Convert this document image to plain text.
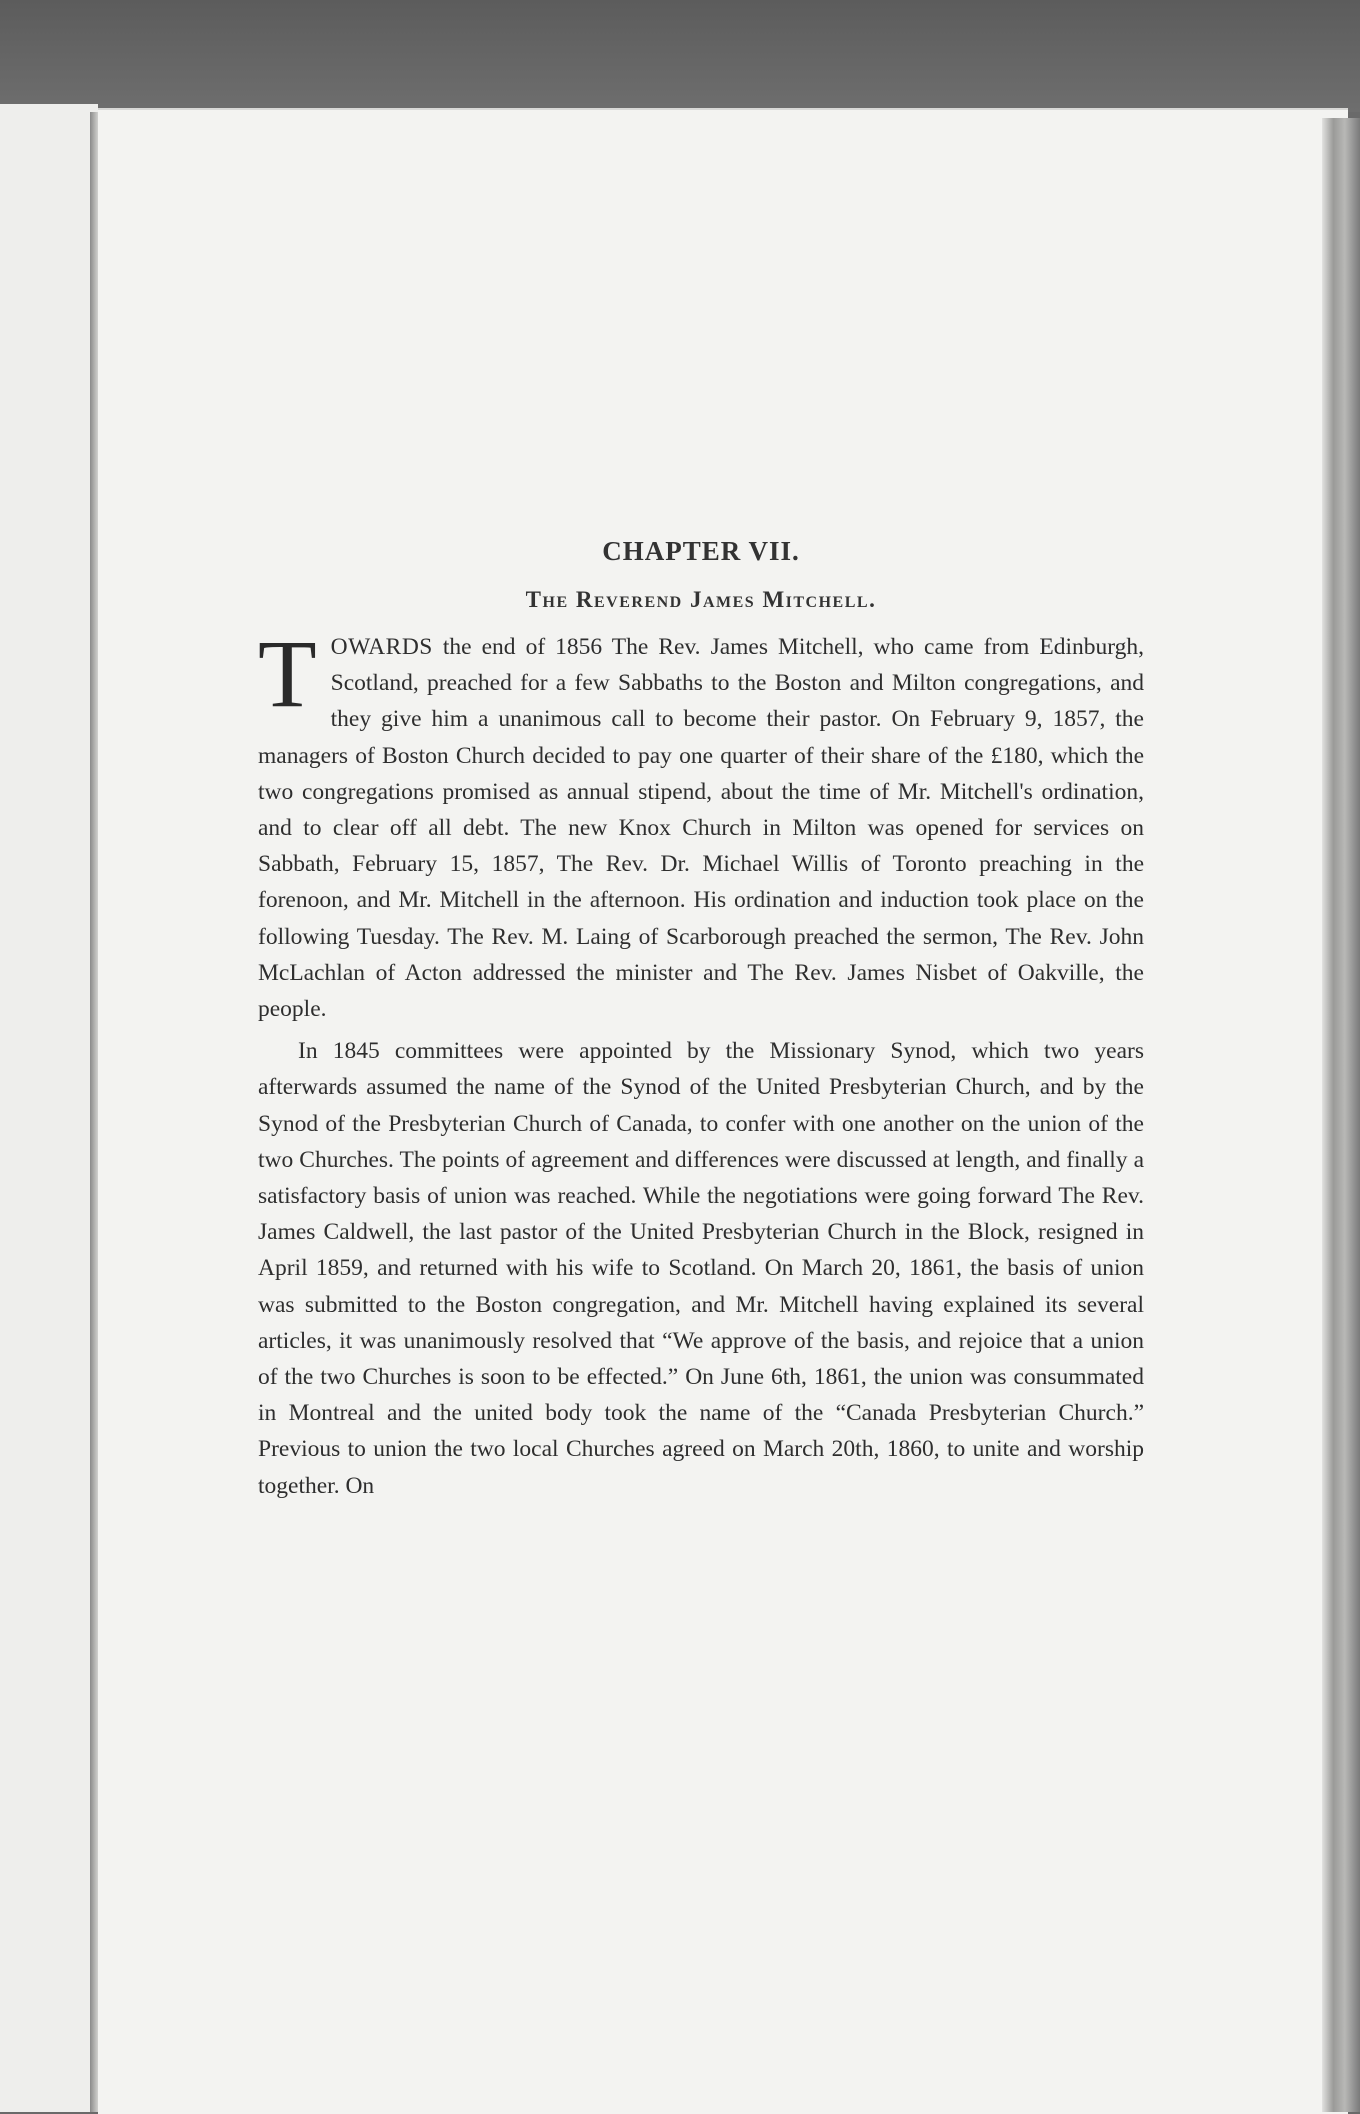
CHAPTER VII.
The Reverend James Mitchell.

TOWARDS the end of 1856 The Rev. James Mitchell, who came from Edinburgh, Scotland, preached for a few Sabbaths to the Boston and Milton congregations, and they give him a unanimous call to become their pastor. On February 9, 1857, the managers of Boston Church decided to pay one quarter of their share of the £180, which the two congregations promised as annual stipend, about the time of Mr. Mitchell's ordination, and to clear off all debt. The new Knox Church in Milton was opened for services on Sabbath, February 15, 1857, The Rev. Dr. Michael Willis of Toronto preaching in the forenoon, and Mr. Mitchell in the afternoon. His ordination and induction took place on the following Tuesday. The Rev. M. Laing of Scarborough preached the sermon, The Rev. John McLachlan of Acton addressed the minister and The Rev. James Nisbet of Oakville, the people.

In 1845 committees were appointed by the Missionary Synod, which two years afterwards assumed the name of the Synod of the United Presbyterian Church, and by the Synod of the Presbyterian Church of Canada, to confer with one another on the union of the two Churches. The points of agreement and differences were discussed at length, and finally a satisfactory basis of union was reached. While the negotiations were going forward The Rev. James Caldwell, the last pastor of the United Presbyterian Church in the Block, resigned in April 1859, and returned with his wife to Scotland. On March 20, 1861, the basis of union was submitted to the Boston congregation, and Mr. Mitchell having explained its several articles, it was unanimously resolved that “We approve of the basis, and rejoice that a union of the two Churches is soon to be effected.” On June 6th, 1861, the union was consummated in Montreal and the united body took the name of the “Canada Presbyterian Church.” Previous to union the two local Churches agreed on March 20th, 1860, to unite and worship together. On
